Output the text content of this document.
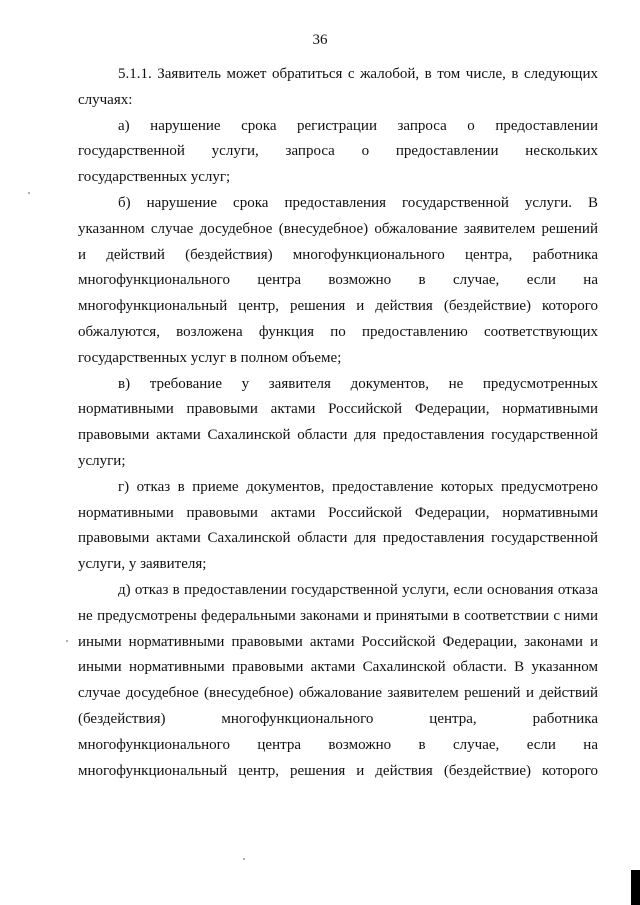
36

5.1.1. Заявитель может обратиться с жалобой, в том числе, в следующих
случаях:

а) нарушение срока регистрации запроса о предоставлении
государственной услуги, запроса о предоставлении нескольких
государственных услуг;

б) нарушение срока предоставления государственной услуги. В
указанном случае досудебное (внесудебное) обжалование заявителем решений
и действий (бездействия) многофункционального центра, работника
многофункционального центра возможно в случае, если на
многофункциональный центр, решения и действия (бездействие) которого
обжалуются, возложена функция по предоставлению соответствующих
государственных услуг в полном объеме;

в) требование у заявителя документов, не предусмотренных
нормативными правовыми актами Российской Федерации, нормативными
правовыми актами Сахалинской области для предоставления государственной
услуги;

г) отказ в приеме документов, предоставление которых предусмотрено
нормативными правовыми актами Российской Федерации, нормативными
правовыми актами Сахалинской области для предоставления государственной
услуги, у заявителя;

д) отказ в предоставлении государственной услуги, если основания отказа
не предусмотрены федеральными законами и принятыми в соответствии с ними
иными нормативными правовыми актами Российской Федерации, законами и
иными нормативными правовыми актами Сахалинской области. В указанном
случае досудебное (внесудебное) обжалование заявителем решений и действий
(бездействия) многофункционального центра, работника
многофункционального центра возможно в случае, если на
многофункциональный центр, решения и действия (бездействие) которого
